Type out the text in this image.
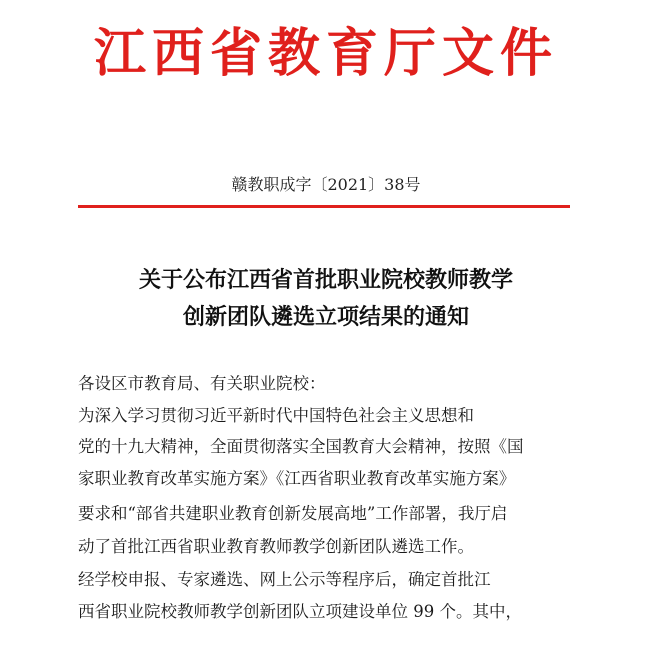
江西省教育厅文件
赣教职成字〔2021〕38号
关于公布江西省首批职业院校教师教学
创新团队遴选立项结果的通知
各设区市教育局、有关职业院校：
为深入学习贯彻习近平新时代中国特色社会主义思想和
党的十九大精神，全面贯彻落实全国教育大会精神，按照《国
家职业教育改革实施方案》《江西省职业教育改革实施方案》
要求和“部省共建职业教育创新发展高地”工作部署，我厅启
动了首批江西省职业教育教师教学创新团队遴选工作。
经学校申报、专家遴选、网上公示等程序后，确定首批江
西省职业院校教师教学创新团队立项建设单位 99 个。其中，
